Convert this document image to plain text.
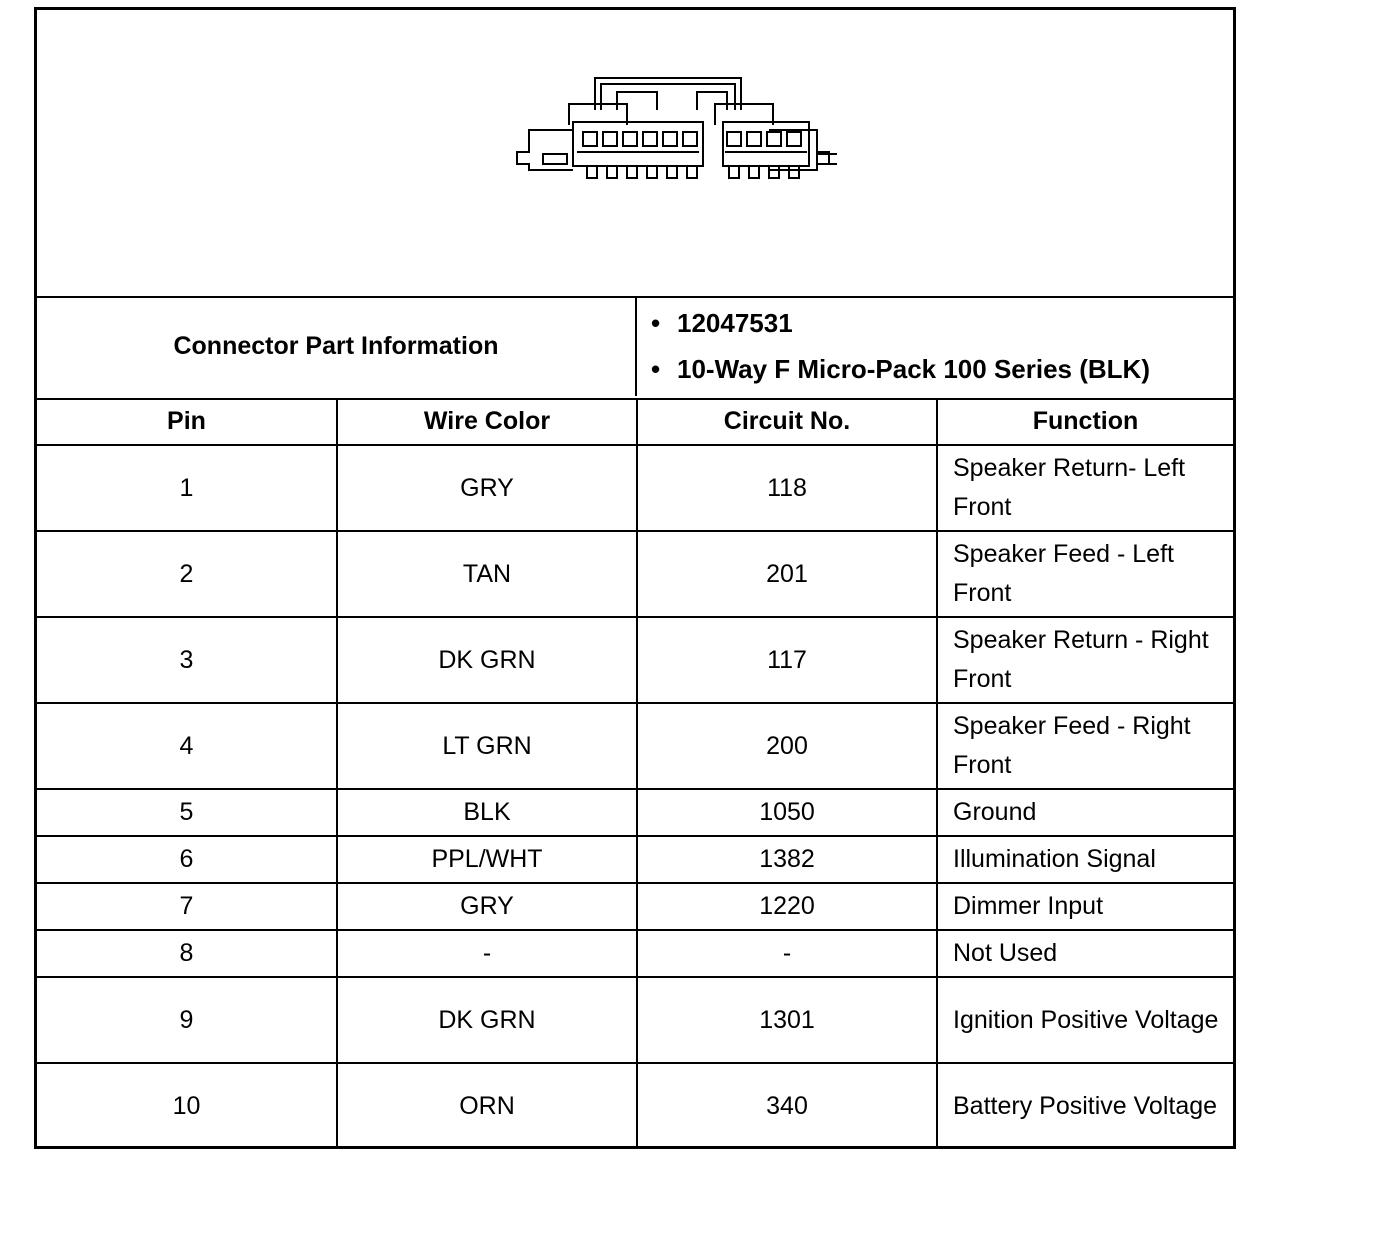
Connector Part Information
• 12047531
• 10-Way F Micro-Pack 100 Series (BLK)
Pin	Wire Color	Circuit No.	Function
1	GRY	118	Speaker Return- Left Front
2	TAN	201	Speaker Feed - Left Front
3	DK GRN	117	Speaker Return - Right Front
4	LT GRN	200	Speaker Feed - Right Front
5	BLK	1050	Ground
6	PPL/WHT	1382	Illumination Signal
7	GRY	1220	Dimmer Input
8	-	-	Not Used
9	DK GRN	1301	Ignition Positive Voltage
10	ORN	340	Battery Positive Voltage
